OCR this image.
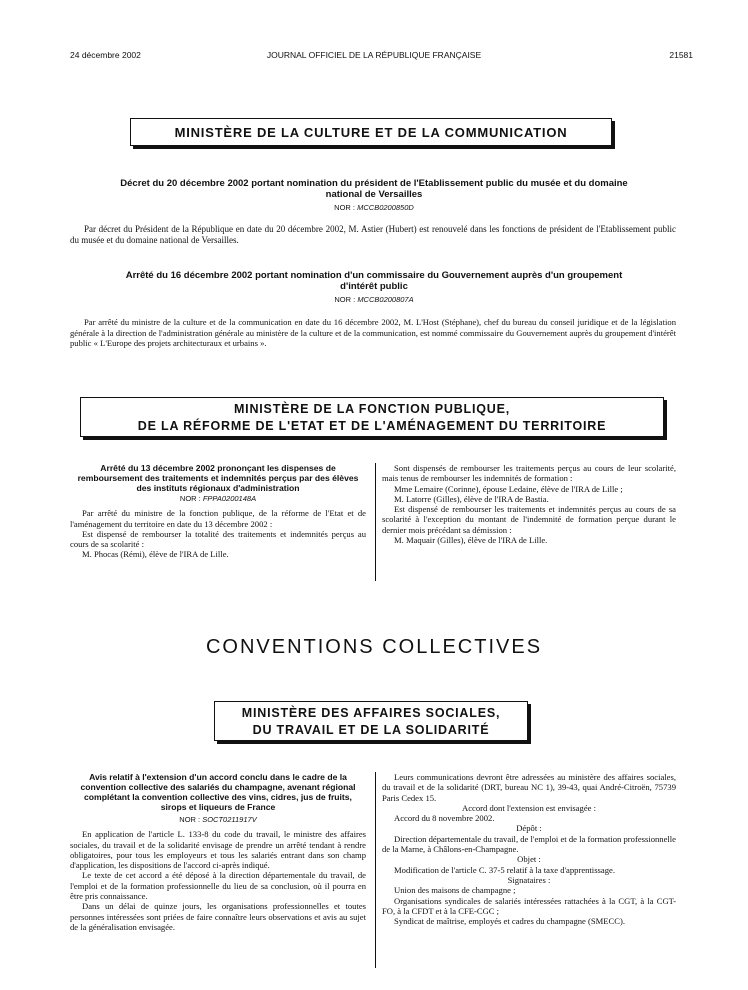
JOURNAL OFFICIEL DE LA RÉPUBLIQUE FRANÇAISE
24 décembre 2002	21581
MINISTÈRE DE LA CULTURE ET DE LA COMMUNICATION
Décret du 20 décembre 2002 portant nomination du président de l'Etablissement public du musée et du domaine national de Versailles
NOR : MCCB0200850D
Par décret du Président de la République en date du 20 décembre 2002, M. Astier (Hubert) est renouvelé dans les fonctions de président de l'Etablissement public du musée et du domaine national de Versailles.
Arrêté du 16 décembre 2002 portant nomination d'un commissaire du Gouvernement auprès d'un groupement d'intérêt public
NOR : MCCB0200807A
Par arrêté du ministre de la culture et de la communication en date du 16 décembre 2002, M. L'Host (Stéphane), chef du bureau du conseil juridique et de la législation générale à la direction de l'administration générale au ministère de la culture et de la communication, est nommé commissaire du Gouvernement auprès du groupement d'intérêt public « L'Europe des projets architecturaux et urbains ».
MINISTÈRE DE LA FONCTION PUBLIQUE,
DE LA RÉFORME DE L'ETAT ET DE L'AMÉNAGEMENT DU TERRITOIRE

Arrêté du 13 décembre 2002 prononçant les dispenses de remboursement des traitements et indemnités perçus par des élèves des instituts régionaux d'administration

NOR : FPPA0200148A

Par arrêté du ministre de la fonction publique, de la réforme de l'Etat et de l'aménagement du territoire en date du 13 décembre 2002 :

Est dispensé de rembourser la totalité des traitements et indemnités perçus au cours de sa scolarité :

M. Phocas (Rémi), élève de l'IRA de Lille.

Sont dispensés de rembourser les traitements perçus au cours de leur scolarité, mais tenus de rembourser les indemnités de formation :

Mme Lemaire (Corinne), épouse Ledaine, élève de l'IRA de Lille ;

M. Latorre (Gilles), élève de l'IRA de Bastia.

Est dispensé de rembourser les traitements et indemnités perçus au cours de sa scolarité à l'exception du montant de l'indemnité de formation perçue durant le dernier mois précédant sa démission :

M. Maquair (Gilles), élève de l'IRA de Lille.

CONVENTIONS COLLECTIVES
MINISTÈRE DES AFFAIRES SOCIALES,
DU TRAVAIL ET DE LA SOLIDARITÉ

Avis relatif à l'extension d'un accord conclu dans le cadre de la convention collective des salariés du champagne, avenant régional complétant la convention collective des vins, cidres, jus de fruits, sirops et liqueurs de France

NOR : SOCT0211917V

En application de l'article L. 133-8 du code du travail, le ministre des affaires sociales, du travail et de la solidarité envisage de prendre un arrêté tendant à rendre obligatoires, pour tous les employeurs et tous les salariés entrant dans son champ d'application, les dispositions de l'accord ci-après indiqué.

Le texte de cet accord a été déposé à la direction départementale du travail, de l'emploi et de la formation professionnelle du lieu de sa conclusion, où il pourra en être pris connaissance.

Dans un délai de quinze jours, les organisations professionnelles et toutes personnes intéressées sont priées de faire connaître leurs observations et avis au sujet de la généralisation envisagée.

Leurs communications devront être adressées au ministère des affaires sociales, du travail et de la solidarité (DRT, bureau NC 1), 39-43, quai André-Citroën, 75739 Paris Cedex 15.

Accord dont l'extension est envisagée :

Accord du 8 novembre 2002.

Dépôt :

Direction départementale du travail, de l'emploi et de la formation professionnelle de la Marne, à Châlons-en-Champagne.

Objet :

Modification de l'article C. 37-5 relatif à la taxe d'apprentissage.

Signataires :

Union des maisons de champagne ;

Organisations syndicales de salariés intéressées rattachées à la CGT, à la CGT-FO, à la CFDT et à la CFE-CGC ;

Syndicat de maîtrise, employés et cadres du champagne (SMECC).
